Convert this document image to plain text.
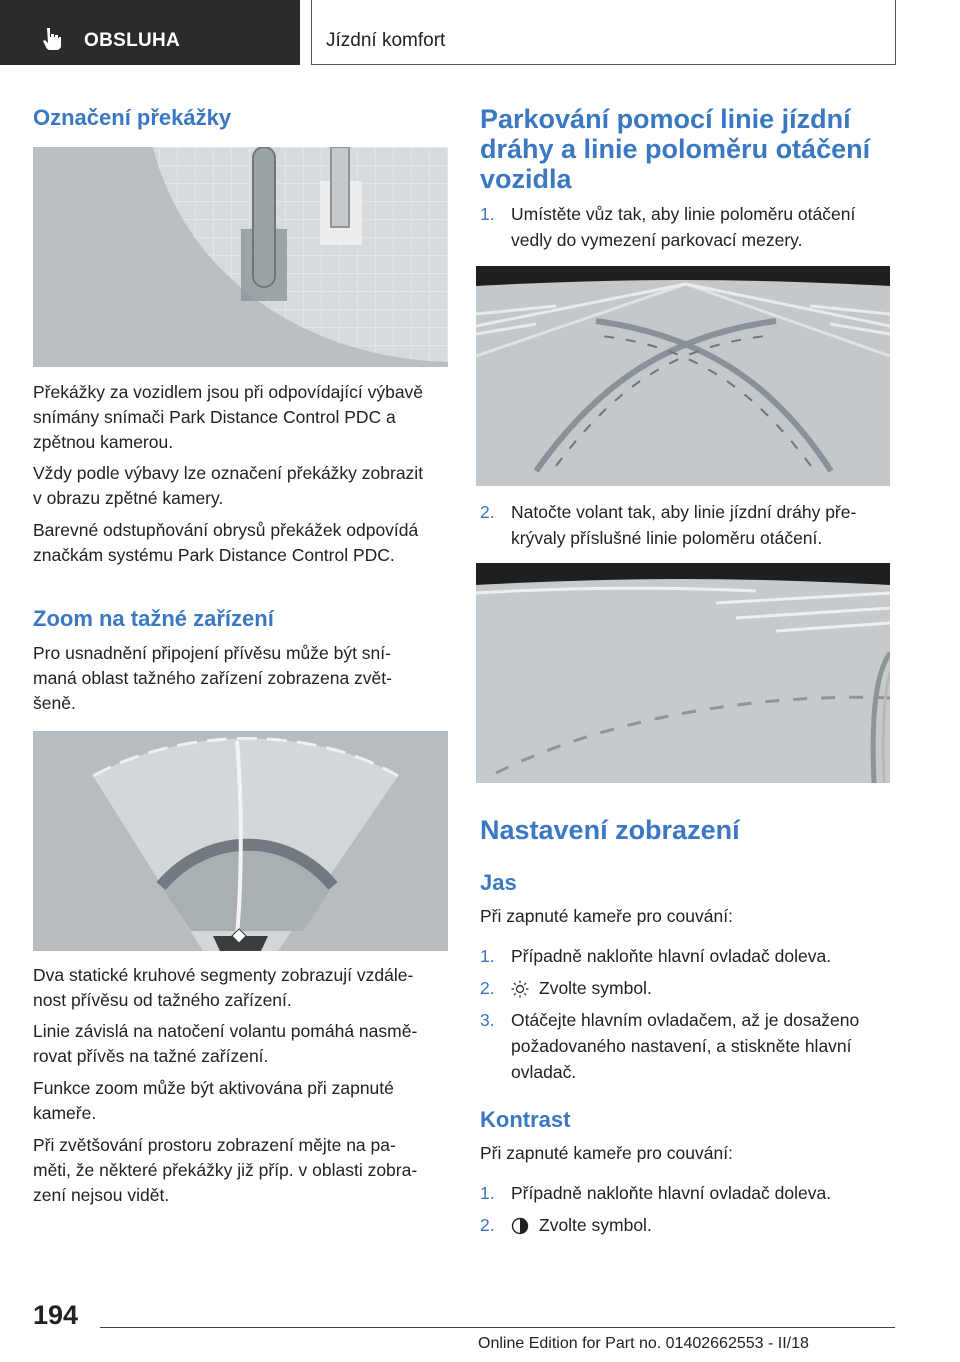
OBSLUHA	Jízdní komfort
Označení překážky
Překážky za vozidlem jsou při odpovídající výbavě
snímány snímači Park Distance Control PDC a
zpětnou kamerou.
Vždy podle výbavy lze označení překážky zobrazit
v obrazu zpětné kamery.
Barevné odstupňování obrysů překážek odpovídá
značkám systému Park Distance Control PDC.
Zoom na tažné zařízení
Pro usnadnění připojení přívěsu může být sní‐
maná oblast tažného zařízení zobrazena zvět‐
šeně.
Dva statické kruhové segmenty zobrazují vzdále‐
nost přívěsu od tažného zařízení.
Linie závislá na natočení volantu pomáhá nasmě‐
rovat přívěs na tažné zařízení.
Funkce zoom může být aktivována při zapnuté
kameře.
Při zvětšování prostoru zobrazení mějte na pa‐
měti, že některé překážky již příp. v oblasti zobra‐
zení nejsou vidět.
Parkování pomocí linie jízdní
dráhy a linie poloměru otáčení
vozidla
1. Umístěte vůz tak, aby linie poloměru otáčení
vedly do vymezení parkovací mezery.
2. Natočte volant tak, aby linie jízdní dráhy pře‐
krývaly příslušné linie poloměru otáčení.
Nastavení zobrazení
Jas
Při zapnuté kameře pro couvání:
1. Případně nakloňte hlavní ovladač doleva.
2.	Zvolte symbol.
3. Otáčejte hlavním ovladačem, až je dosaženo
požadovaného nastavení, a stiskněte hlavní
ovladač.
Kontrast
Při zapnuté kameře pro couvání:
1. Případně nakloňte hlavní ovladač doleva.
2.	Zvolte symbol.
194
Online Edition for Part no. 01402662553 - II/18
